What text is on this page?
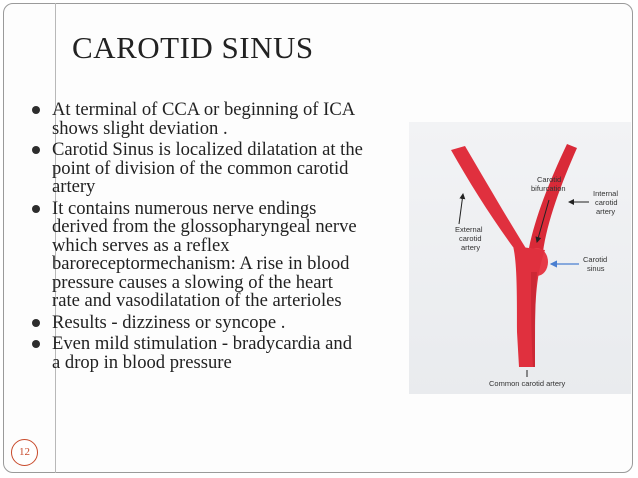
CAROTID SINUS
At terminal of CCA or beginning of ICA
shows slight deviation .
Carotid Sinus is localized dilatation at the
point of division of the common carotid
artery
It contains numerous nerve endings
derived from the glossopharyngeal nerve
which serves as a reflex
baroreceptormechanism: A rise in blood
pressure causes a slowing of the heart
rate and vasodilatation of the arterioles
Results - dizziness or syncope .
Even mild stimulation - bradycardia and
a drop in blood pressure
Carotid
bifurcation
Internal
carotid
artery
External
carotid
artery
Carotid
sinus
Common carotid artery
12
